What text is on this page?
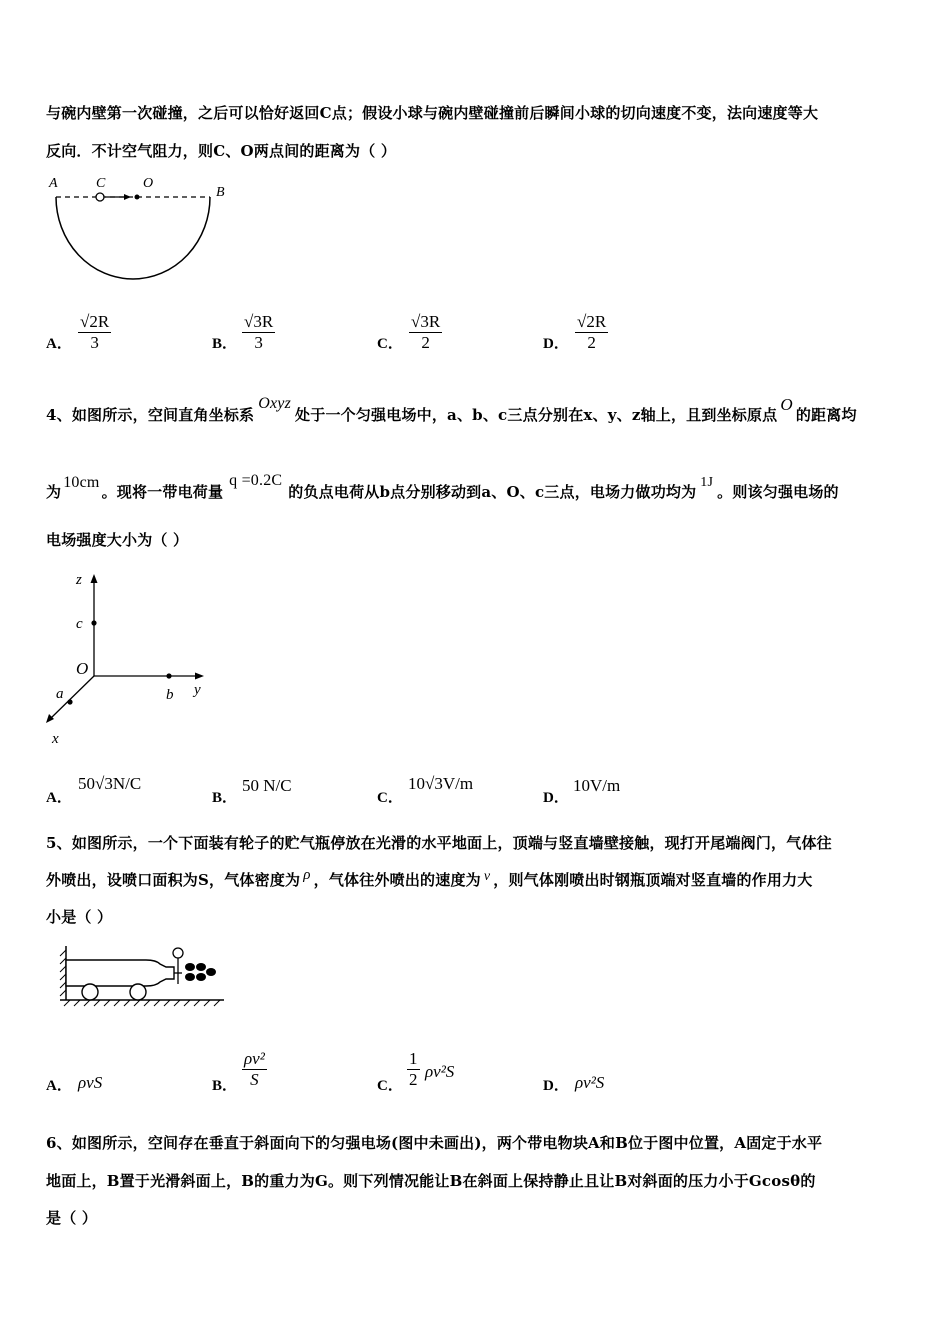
与碗内壁第一次碰撞，之后可以恰好返回C点；假设小球与碗内壁碰撞前后瞬间小球的切向速度不变，法向速度等大
反向．不计空气阻力，则C、O两点间的距离为（ ）
A	C	O
B
A．
√2R
3	B．
√3R
3	C．
√3R
2	D．
√2R
2
4、如图所示，空间直角坐标系Oxyz处于一个匀强电场中，a、b、c三点分别在x、y、z轴上，且到坐标原点O的距离均
为10cm。现将一带电荷量q =0.2C的负点电荷从b点分别移动到a、O、c三点，电场力做功均为1J。则该匀强电场的
电场强度大小为（ ）
z
c
O
a	b y
x
A．
50√3N/C
B．
50 N/C
C．
10√3V/m
D．
10V/m
5、如图所示，一个下面装有轮子的贮气瓶停放在光滑的水平地面上，顶端与竖直墙壁接触，现打开尾端阀门，气体往
外喷出，设喷口面积为S，气体密度为 ρ ，气体往外喷出的速度为 v ，则气体刚喷出时钢瓶顶端对竖直墙的作用力大
小是（ ）
A． ρvS	B．
ρv²
S	C．
1
2 ρv²S
D． ρv²S
6、如图所示，空间存在垂直于斜面向下的匀强电场(图中未画出)，两个带电物块A和B位于图中位置，A固定于水平
地面上，B置于光滑斜面上，B的重力为G。则下列情况能让B在斜面上保持静止且让B对斜面的压力小于Gcosθ的
是（ ）
